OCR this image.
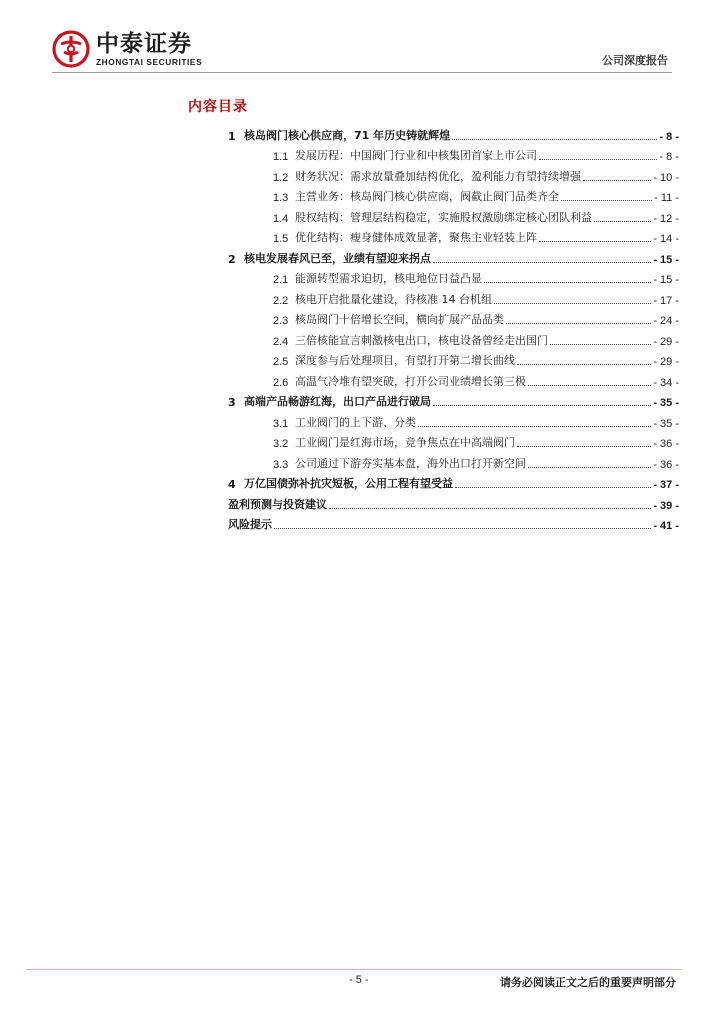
中泰证券
ZHONGTAI SECURITIES	公司深度报告
内容目录
1 核岛阀门核心供应商，71 年历史铸就辉煌	- 8 -
1.1 发展历程：中国阀门行业和中核集团首家上市公司	- 8 -
1.2 财务状况：需求放量叠加结构优化，盈利能力有望持续增强	- 10 -
1.3 主营业务：核岛阀门核心供应商，阀截止阀门品类齐全	- 11 -
1.4 股权结构：管理层结构稳定，实施股权激励绑定核心团队利益	- 12 -
1.5 优化结构：瘦身健体成效显著，聚焦主业轻装上阵	- 14 -
2 核电发展春风已至，业绩有望迎来拐点	- 15 -
2.1 能源转型需求迫切，核电地位日益凸显	- 15 -
2.2 核电开启批量化建设，待核准 14 台机组	- 17 -
2.3 核岛阀门十倍增长空间，横向扩展产品品类	- 24 -
2.4 三倍核能宣言刺激核电出口，核电设备曾经走出国门	- 29 -
2.5 深度参与后处理项目，有望打开第二增长曲线	- 29 -
2.6 高温气冷堆有望突破，打开公司业绩增长第三极	- 34 -
3 高端产品畅游红海，出口产品进行破局	- 35 -
3.1 工业阀门的上下游、分类	- 35 -
3.2 工业阀门是红海市场，竞争焦点在中高端阀门	- 36 -
3.3 公司通过下游夯实基本盘，海外出口打开新空间	- 36 -
4 万亿国债弥补抗灾短板，公用工程有望受益	- 37 -
盈利预测与投资建议	- 39 -
风险提示	- 41 -
- 5 -	请务必阅读正文之后的重要声明部分
